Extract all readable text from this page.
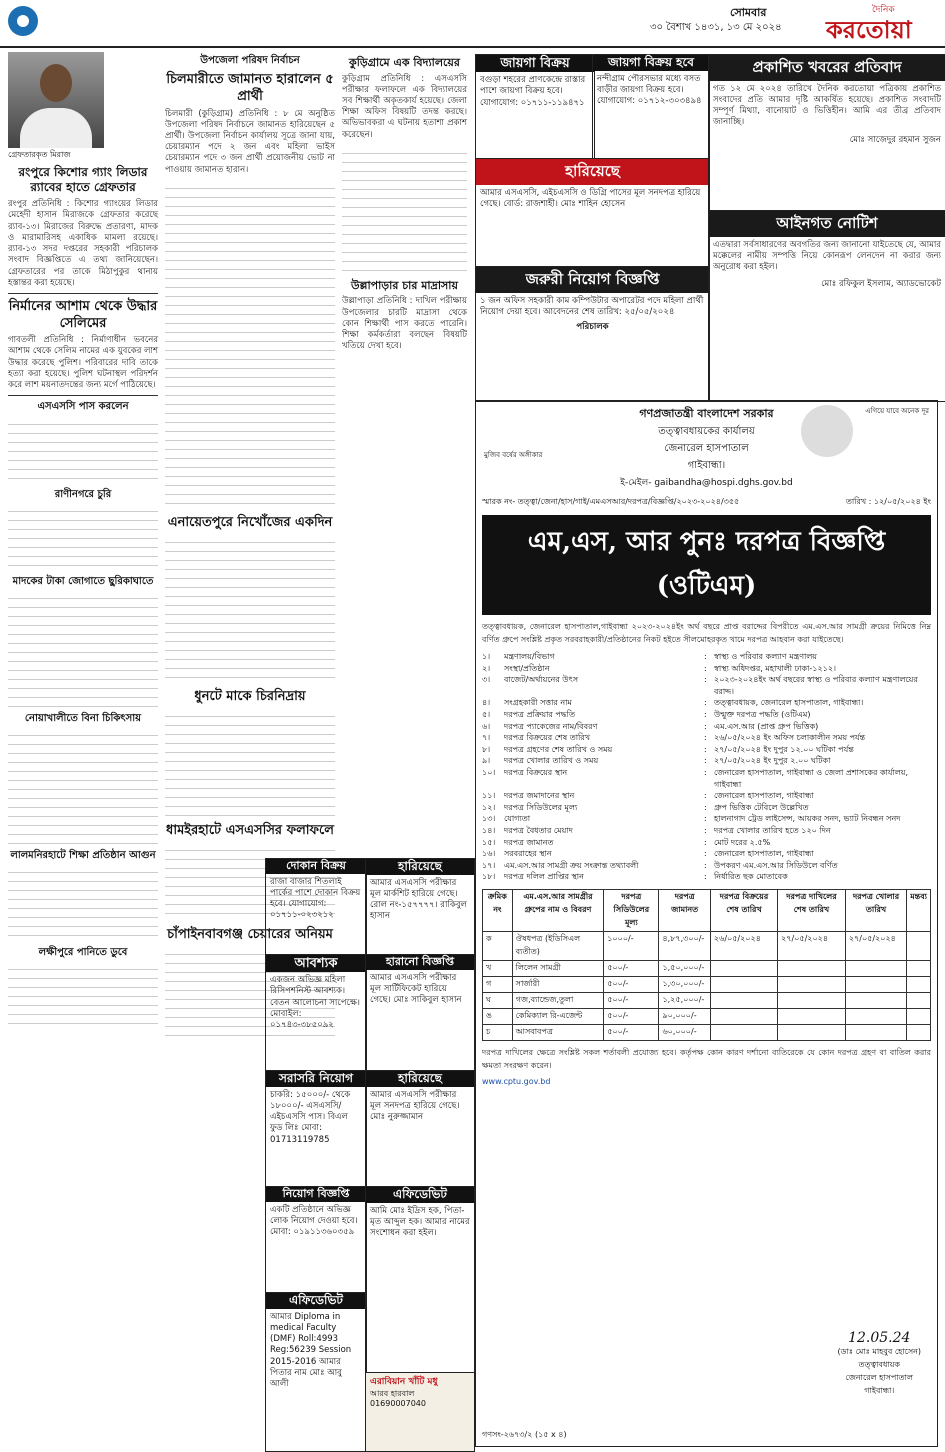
সোমবার
৩০ বৈশাখ ১৪৩১, ১৩ মে ২০২৪
দৈনিক
করতোয়া
গ্রেফতারকৃত মিরাজ
রংপুরে কিশোর গ্যাং লিডার র‍্যাবের হাতে গ্রেফতার
রংপুর প্রতিনিধি : কিশোর গ্যাংয়ের লিডার মেহেদী হাসান মিরাজকে গ্রেফতার করেছে র‍্যাব-১৩। মিরাজের বিরুদ্ধে প্রতারণা, মাদক ও মারামারিসহ একাধিক মামলা রয়েছে। র‍্যাব-১৩ সদর দপ্তরের সহকারী পরিচালক সংবাদ বিজ্ঞপ্তিতে এ তথ্য জানিয়েছেন। গ্রেফতারের পর তাকে মিঠাপুকুর থানায় হস্তান্তর করা হয়েছে।
নির্মানের আশাম থেকে উদ্ধার সেলিমের
গাবতলী প্রতিনিধি : নির্মাণাধীন ভবনের আশাম থেকে সেলিম নামের এক যুবকের লাশ উদ্ধার করেছে পুলিশ। পরিবারের দাবি তাকে হত্যা করা হয়েছে। পুলিশ ঘটনাস্থল পরিদর্শন করে লাশ ময়নাতদন্তের জন্য মর্গে পাঠিয়েছে।
এসএসসি পাস করলেন
রাণীনগরে চুরি
মাদকের টাকা জোগাতে ছুরিকাঘাতে
নোয়াখালীতে বিনা চিকিৎসায়
লালমনিরহাটে শিক্ষা প্রতিষ্ঠান আগুন
লক্ষীপুরে পানিতে ডুবে
উপজেলা পরিষদ নির্বাচন
চিলমারীতে জামানত হারালেন ৫ প্রার্থী
চিলমারী (কুড়িগ্রাম) প্রতিনিধি : ৮ মে অনুষ্ঠিত উপজেলা পরিষদ নির্বাচনে জামানত হারিয়েছেন ৫ প্রার্থী। উপজেলা নির্বাচন কার্যালয় সূত্রে জানা যায়, চেয়ারম্যান পদে ২ জন এবং মহিলা ভাইস চেয়ারম্যান পদে ৩ জন প্রার্থী প্রয়োজনীয় ভোট না পাওয়ায় জামানত হারান।
এনায়েতপুরে নিখোঁজের একদিন
ধুনটে মাকে চিরনিদ্রায়
ধামইরহাটে এসএসসির ফলাফলে
চাঁপাইনবাবগঞ্জ চেয়ারের অনিয়ম
কুড়িগ্রামে এক বিদ্যালয়ের
কুড়িগ্রাম প্রতিনিধি : এসএসসি পরীক্ষার ফলাফলে এক বিদ্যালয়ের সব শিক্ষার্থী অকৃতকার্য হয়েছে। জেলা শিক্ষা অফিস বিষয়টি তদন্ত করছে। অভিভাবকরা এ ঘটনায় হতাশা প্রকাশ করেছেন।
উল্লাপাড়ার চার মাদ্রাসায়
উল্লাপাড়া প্রতিনিধি : দাখিল পরীক্ষায় উপজেলার চারটি মাদ্রাসা থেকে কোন শিক্ষার্থী পাস করতে পারেনি। শিক্ষা কর্মকর্তারা বলছেন বিষয়টি খতিয়ে দেখা হবে।
জায়গা বিক্রয়
বগুড়া শহরের প্রাণকেন্দ্রে রাস্তার পাশে জায়গা বিক্রয় হবে। যোগাযোগ: ০১৭১১-১১৯৪৭১
জায়গা বিক্রয় হবে
নন্দীগ্রাম পৌরসভার মধ্যে বসত বাড়ীর জায়গা বিক্রয় হবে। যোগাযোগ: ০১৭১২-৩০৩৪৯৪
হারিয়েছে
আমার এসএসসি, এইচএসসি ও ডিগ্রি পাসের মূল সনদপত্র হারিয়ে গেছে। বোর্ড: রাজশাহী। মোঃ শাহিন হোসেন
জরুরী নিয়োগ বিজ্ঞপ্তি
১ জন অফিস সহকারী কাম কম্পিউটার অপারেটর পদে মহিলা প্রার্থী নিয়োগ দেয়া হবে। আবেদনের শেষ তারিখ: ২৫/০৫/২০২৪
পরিচালক
প্রকাশিত খবরের প্রতিবাদ
গত ১২ মে ২০২৪ তারিখে দৈনিক করতোয়া পত্রিকায় প্রকাশিত সংবাদের প্রতি আমার দৃষ্টি আকর্ষিত হয়েছে। প্রকাশিত সংবাদটি সম্পূর্ণ মিথ্যা, বানোয়াট ও ভিত্তিহীন। আমি এর তীব্র প্রতিবাদ জানাচ্ছি।
মোঃ সাজেদুর রহমান সুজন
আইনগত নোটিশ
এতদ্বারা সর্বসাধারণের অবগতির জন্য জানানো যাইতেছে যে, আমার মক্কেলের নামীয় সম্পত্তি নিয়ে কোনরূপ লেনদেন না করার জন্য অনুরোধ করা হইল।
মোঃ রফিকুল ইসলাম, অ্যাডভোকেট
গণপ্রজাতন্ত্রী বাংলাদেশ সরকার
তত্ত্বাবধায়কের কার্যালয়
জেনারেল হাসপাতাল
গাইবান্ধা।
ই-মেইল- gaibandha@hospi.dghs.gov.bd
মুজিব বর্ষের অঙ্গীকার
এগিয়ে যাবে অনেক দূর
স্মারক নং- তত্ত্বা/জেনা/হাস/গাই/এমএসআর/দরপত্র/বিজ্ঞপ্তি/২০২৩-২০২৪/৩৫৫	তারিখ : ১২/০৫/২০২৪ ইং
এম,এস, আর পুনঃ দরপত্র বিজ্ঞপ্তি (ওটিএম)
তত্ত্বাবধায়ক, জেনারেল হাসপাতাল,গাইবান্ধা ২০২৩-২০২৪ইং অর্থ বছরে প্রাপ্ত বরাদ্দের বিপরীতে এম.এস.আর সামগ্রী ক্রয়ের নিমিত্তে নিম্ন বর্ণিত গ্রুপে সংশ্লিষ্ট প্রকৃত সরবরাহকারী/প্রতিষ্ঠানের নিকট হইতে সীলমোহরকৃত খামে দরপত্র আহবান করা যাইতেছে।
১।	মন্ত্রণালয়/বিভাগ	: স্বাস্থ্য ও পরিবার কল্যাণ মন্ত্রণালয়
২।	সংস্থা/প্রতিষ্ঠান	: স্বাস্থ্য অধিদপ্তর, মহাখালী ঢাকা-১২১২।
৩।	বাজেট/অর্থায়নের উৎস	: ২০২৩-২০২৪ইং অর্থ বছরের স্বাস্থ্য ও পরিবার কল্যাণ মন্ত্রণালয়ের বরাদ্দ।
৪।	সংগ্রহকারী সত্তার নাম	: তত্ত্বাবধায়ক, জেনারেল হাসপাতাল, গাইবান্ধা।
৫।	দরপত্র প্রক্রিয়ার পদ্ধতি	: উন্মুক্ত দরপত্র পদ্ধতি (ওটিএম)
৬।	দরপত্র প্যাকেজের নাম/বিবরণ	: এম.এস.আর (প্রাপ্ত গ্রুপ ভিত্তিক)
৭।	দরপত্র বিক্রয়ের শেষ তারিখ	: ২৬/০৫/২০২৪ ইং অফিস চলাকালীন সময় পর্যন্ত
৮।	দরপত্র গ্রহণের শেষ তারিখ ও সময়	: ২৭/০৫/২০২৪ ইং দুপুর ১২.০০ ঘটিকা পর্যন্ত
৯।	দরপত্র খোলার তারিখ ও সময়	: ২৭/০৫/২০২৪ ইং দুপুর ২.০০ ঘটিকা
১০।	দরপত্র বিক্রয়ের স্থান	: জেনারেল হাসপাতাল, গাইবান্ধা ও জেলা প্রশাসকের কার্যালয়, গাইবান্ধা
১১।	দরপত্র জমাদানের স্থান	: জেনারেল হাসপাতাল, গাইবান্ধা
১২।	দরপত্র সিডিউলের মূল্য	: গ্রুপ ভিত্তিক টেবিলে উল্লেখিত
১৩।	যোগ্যতা	: হালনাগাদ ট্রেড লাইসেন্স, আয়কর সনদ, ভ্যাট নিবন্ধন সনদ
১৪।	দরপত্র বৈধতার মেয়াদ	: দরপত্র খোলার তারিখ হতে ১২০ দিন
১৫।	দরপত্র জামানত	: মোট দরের ২.৫%
১৬।	সরবরাহের স্থান	: জেনারেল হাসপাতাল, গাইবান্ধা
১৭।	এম.এস.আর সামগ্রী ক্রয় সংক্রান্ত তথ্যাবলী	: উপকরণ এম.এস.আর সিডিউলে বর্ণিত
১৮।	দরপত্র দলিল প্রাপ্তির স্থান	: নির্ধারিত ছক মোতাবেক
ক্রমিক নং	এম.এস.আর সামগ্রীর গ্রুপের নাম ও বিবরণ	দরপত্র সিডিউলের মূল্য	দরপত্র জামানত	দরপত্র বিক্রয়ের শেষ তারিখ	দরপত্র দাখিলের শেষ তারিখ	দরপত্র খোলার তারিখ	মন্তব্য
ক	ঔষধপত্র (ইডিসিএল ব্যতীত)	১০০০/-	৪,৮৭,৩০০/-	২৬/০৫/২০২৪	২৭/০৫/২০২৪	২৭/০৫/২০২৪	
খ	লিলেন সামগ্রী	৫০০/-	১,৫০,০০০/-				
গ	সার্জারী	৫০০/-	১,৩০,০০০/-				
ঘ	গজ,ব্যান্ডেজ,তুলা	৫০০/-	১,২৫,০০০/-				
ঙ	কেমিক্যাল রি-এজেন্ট	৫০০/-	৯০,০০০/-				
চ	আসবাবপত্র	৫০০/-	৬০,০০০/-				
দরপত্র দাখিলের ক্ষেত্রে সংশ্লিষ্ট সকল শর্তাবলী প্রযোজ্য হবে। কর্তৃপক্ষ কোন কারণ দর্শানো ব্যতিরেকে যে কোন দরপত্র গ্রহণ বা বাতিল করার ক্ষমতা সংরক্ষণ করেন।
www.cptu.gov.bd
12.05.24
(ডাঃ মোঃ মাহবুব হোসেন)
তত্ত্বাবধায়ক
জেনারেল হাসপাতাল
গাইবান্ধা।
গণসং-২৬৭৩/২ (১৫ x ৪)
দোকান বিক্রয়
রাজা বাজার শিতলাই পার্কের পাশে দোকান বিক্রয় হবে। যোগাযোগ: ০১৭১১-০২৩২১২
আবশ্যক
একজন অভিজ্ঞ মহিলা রিসিপশনিস্ট আবশ্যক। বেতন আলোচনা সাপেক্ষে। মোবাইল: ০১৭৪৩-৩৮৫০৯২
সরাসরি নিয়োগ
চাকরি: ১৫০০০/- থেকে ১৮০০০/- এসএসসি/এইচএসসি পাস। বিএল ফুড লিঃ মোবা: 01713119785
নিয়োগ বিজ্ঞপ্তি
একটি প্রতিষ্ঠানে অভিজ্ঞ লোক নিয়োগ দেওয়া হবে। মোবা: ০১৯১১৩৬০৩৫৯
এফিডেভিট
আমার Diploma in medical Faculty (DMF) Roll:4993 Reg:56239 Session 2015-2016 আমার পিতার নাম মোঃ আবু আলী
হারিয়েছে
আমার এসএসসি পরীক্ষার মূল মার্কশিট হারিয়ে গেছে। রোল নং-১৫৭৭৭৭। রাকিবুল হাসান
হারানো বিজ্ঞপ্তি
আমার এসএসসি পরীক্ষার মূল সার্টিফিকেট হারিয়ে গেছে। মোঃ সাকিবুল হাসান
হারিয়েছে
আমার এসএসসি পরীক্ষার মূল সনদপত্র হারিয়ে গেছে। মোঃ নুরুজ্জামান
এফিডেভিট
আমি মোঃ ইদ্রিস হক, পিতা-মৃত আব্দুল হক। আমার নামের সংশোধন করা হইল।
এরাবিয়ান খাঁটি মধু
আরব হারবাল 01690007040
